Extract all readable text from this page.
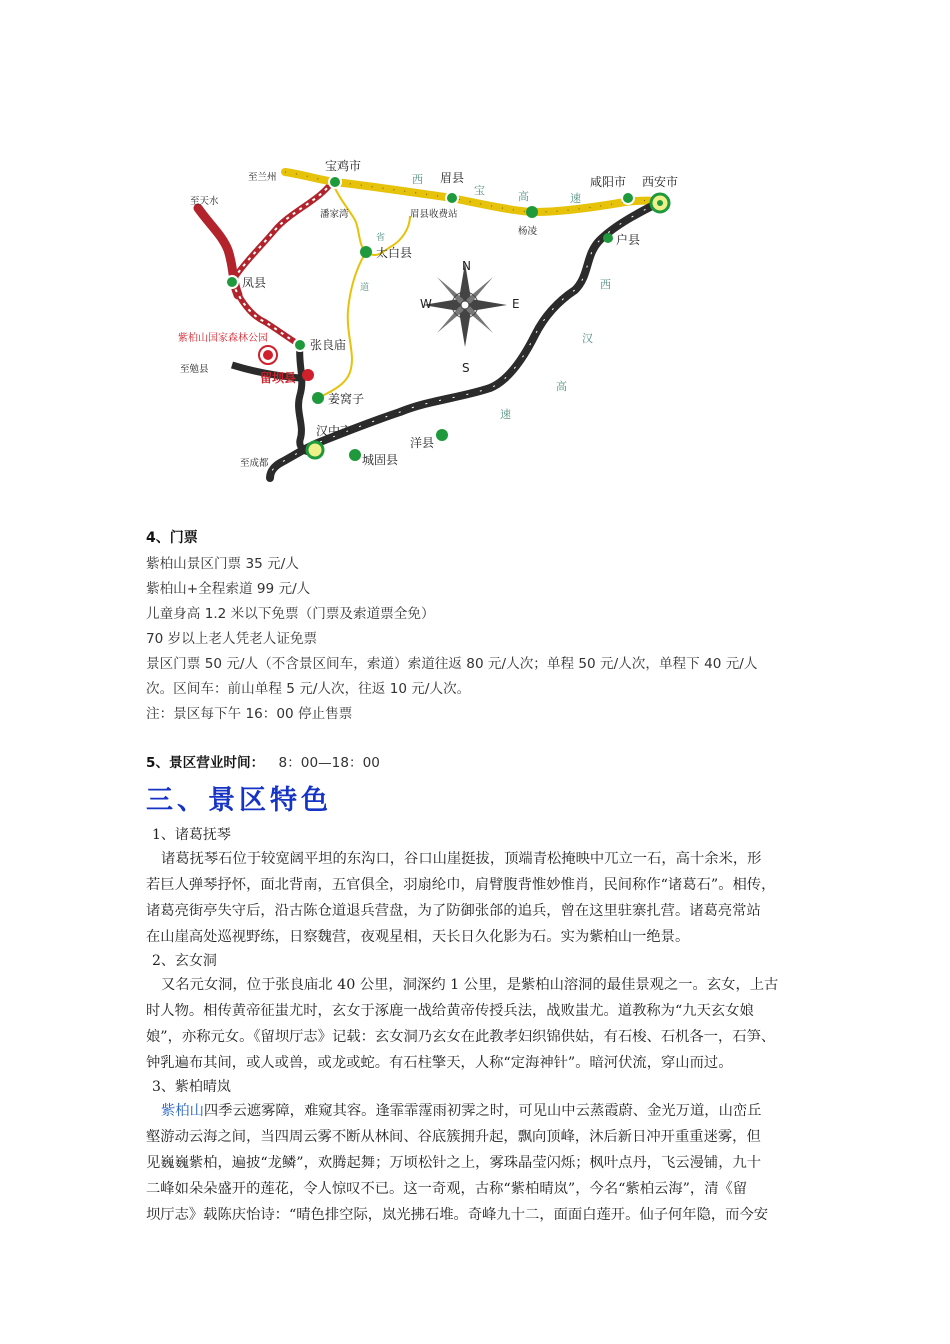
W	E
S
N
宝鸡市
眉县	咸阳市 西安市
至兰州
至天水
潘家湾	眉县收费站
杨凌
户县
太白县
凤县
紫柏山国家森林公园	张良庙
至勉县
留坝县
姜窝子
汉中市
洋县
城固县
至成都
西
宝	高	速
西
汉
高
速
省
道
4、门票
紫柏山景区门票 35 元/人
紫柏山+全程索道 99 元/人
儿童身高 1.2 米以下免票（门票及索道票全免）
70 岁以上老人凭老人证免票
景区门票 50 元/人（不含景区间车，索道）索道往返 80 元/人次；单程 50 元/人次，单程下 40 元/人
次。区间车：前山单程 5 元/人次，往返 10 元/人次。
注：景区每下午 16：00 停止售票
5、景区营业时间： 8：00—18：00
三、景区特色
1、诸葛抚琴
诸葛抚琴石位于较宽阔平坦的东沟口，谷口山崖挺拔，顶端青松掩映中兀立一石，高十余米，形
若巨人弹琴抒怀，面北背南，五官俱全，羽扇纶巾，肩臂腹背惟妙惟肖，民间称作“诸葛石”。相传，
诸葛亮街亭失守后，沿古陈仓道退兵营盘，为了防御张郃的追兵，曾在这里驻寨扎营。诸葛亮常站
在山崖高处巡视野练，日察魏营，夜观星相，天长日久化影为石。实为紫柏山一绝景。
2、玄女洞
又名元女洞，位于张良庙北 40 公里，洞深约 1 公里，是紫柏山溶洞的最佳景观之一。玄女，上古
时人物。相传黄帝征蚩尤时，玄女于涿鹿一战给黄帝传授兵法，战败蚩尤。道教称为“九天玄女娘
娘”，亦称元女。《留坝厅志》记载：玄女洞乃玄女在此教孝妇织锦供姑，有石梭、石机各一，石笋、
钟乳遍布其间，或人或兽，或龙或蛇。有石柱擎天，人称“定海神针”。暗河伏流，穿山而过。
3、紫柏晴岚
紫柏山四季云遮雾障，难窥其容。逢霏霏霪雨初霁之时，可见山中云蒸霞蔚、金光万道，山峦丘
壑游动云海之间，当四周云雾不断从林间、谷底簇拥升起，飘向顶峰，沐后新日冲开重重迷雾，但
见巍巍紫柏，遍披“龙鳞”，欢腾起舞；万顷松针之上，雾珠晶莹闪烁；枫叶点丹，飞云漫铺，九十
二峰如朵朵盛开的莲花，令人惊叹不已。这一奇观，古称“紫柏晴岚”，今名“紫柏云海”，清《留
坝厅志》载陈庆怡诗：“晴色排空际，岚光拂石堆。奇峰九十二，面面白莲开。仙子何年隐，而今安
